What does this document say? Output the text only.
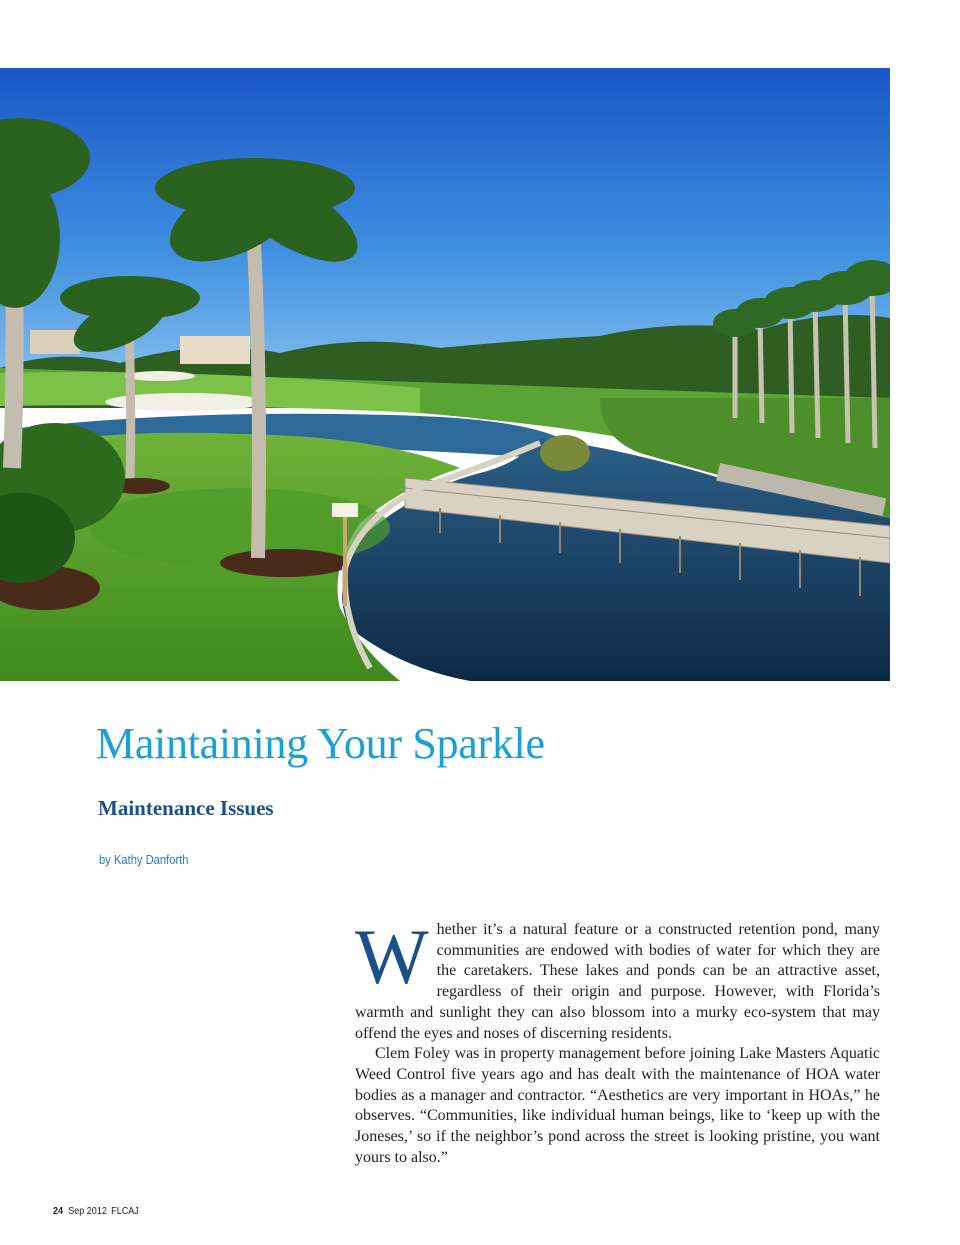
Maintaining Your Sparkle
Maintenance Issues
by Kathy Danforth

Whether it’s a natural feature or a constructed retention pond, many communities are endowed with bodies of water for which they are the caretakers. These lakes and ponds can be an attractive asset, regardless of their origin and purpose. However, with Florida’s warmth and sunlight they can also blossom into a murky eco-system that may offend the eyes and noses of discerning residents.

Clem Foley was in property management before joining Lake Masters Aquatic Weed Control five years ago and has dealt with the maintenance of HOA water bodies as a manager and contractor. “Aesthetics are very important in HOAs,” he observes. “Communities, like individual human beings, like to ‘keep up with the Joneses,’ so if the neighbor’s pond across the street is looking pristine, you want yours to also.”

24 Sep 2012 FLCAJ
